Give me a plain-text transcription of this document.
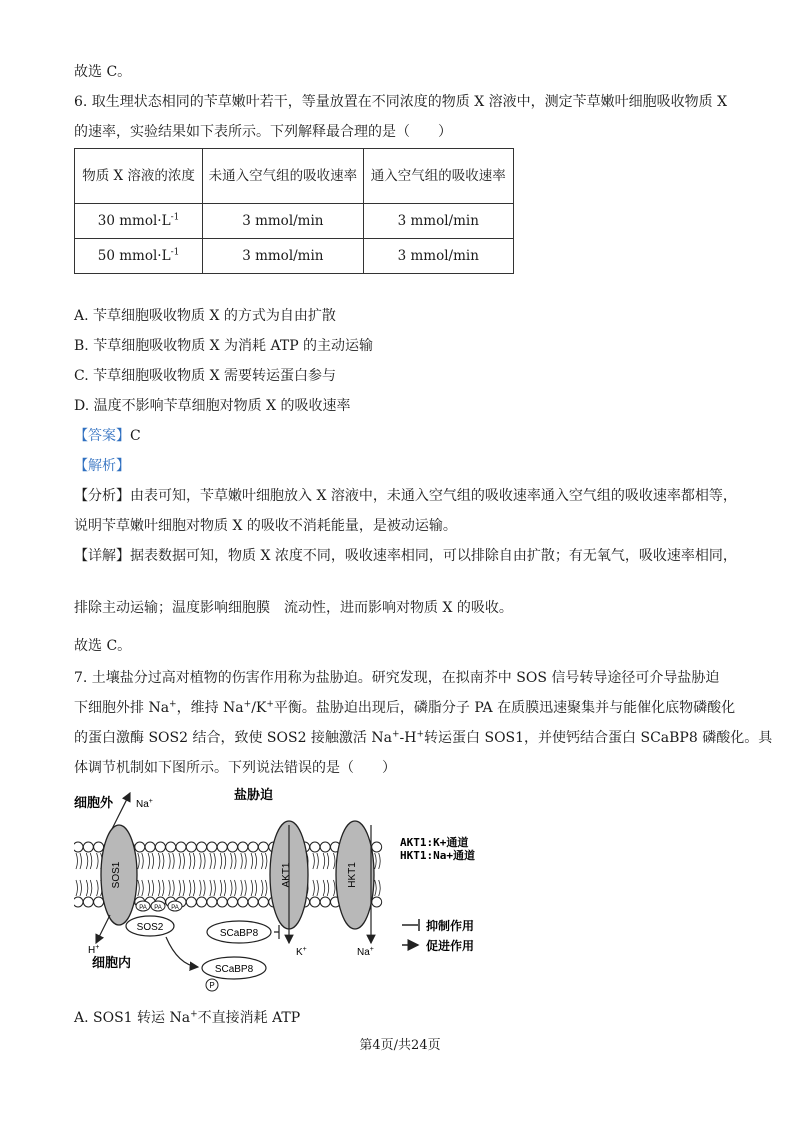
故选 C。
6. 取生理状态相同的苄草嫩叶若干，等量放置在不同浓度的物质 X 溶液中，测定苄草嫩叶细胞吸收物质 X
的速率，实验结果如下表所示。下列解释最合理的是（　　）
物质 X 溶液的浓度	未通入空气组的吸收速率	通入空气组的吸收速率

30 $mmol\cdot L^{-1}$	3 mmol/min	3 mmol/min
50 $mmol\cdot L^{-1}$	3 mmol/min	3 mmol/min
A. 苄草细胞吸收物质 X 的方式为自由扩散
B. 苄草细胞吸收物质 X 为消耗 ATP 的主动运输
C. 苄草细胞吸收物质 X 需要转运蛋白参与
D. 温度不影响苄草细胞对物质 X 的吸收速率
【答案】C
【解析】
【分析】由表可知，苄草嫩叶细胞放入 X 溶液中，未通入空气组的吸收速率通入空气组的吸收速率都相等，
说明苄草嫩叶细胞对物质 X 的吸收不消耗能量，是被动运输。
【详解】据表数据可知，物质 X 浓度不同，吸收速率相同，可以排除自由扩散；有无氧气，吸收速率相同，
排除主动运输；温度影响细胞膜　流动性，进而影响对物质 X 的吸收。
故选 C。
7. 土壤盐分过高对植物的伤害作用称为盐胁迫。研究发现，在拟南芥中 SOS 信号转导途径可介导盐胁迫
下细胞外排 Na+，维持 Na+/K+平衡。盐胁迫出现后，磷脂分子 PA 在质膜迅速聚集并与能催化底物磷酸化
的蛋白激酶 SOS2 结合，致使 SOS2 接触激活 Na+-H+转运蛋白 SOS1，并使钙结合蛋白 SCaBP8 磷酸化。具
体调节机制如下图所示。下列说法错误的是（　　）
SOS1	AKT1	HKT1
细胞外 Na+	盐胁迫
细胞内
H+	K+	Na+
PA PA PA
SOS2
SCaBP8
SCaBP8
P
AKT1:K+通道
HKT1:Na+通道
抑制作用
促进作用
A. SOS1 转运 Na+不直接消耗 ATP
第4页/共24页
